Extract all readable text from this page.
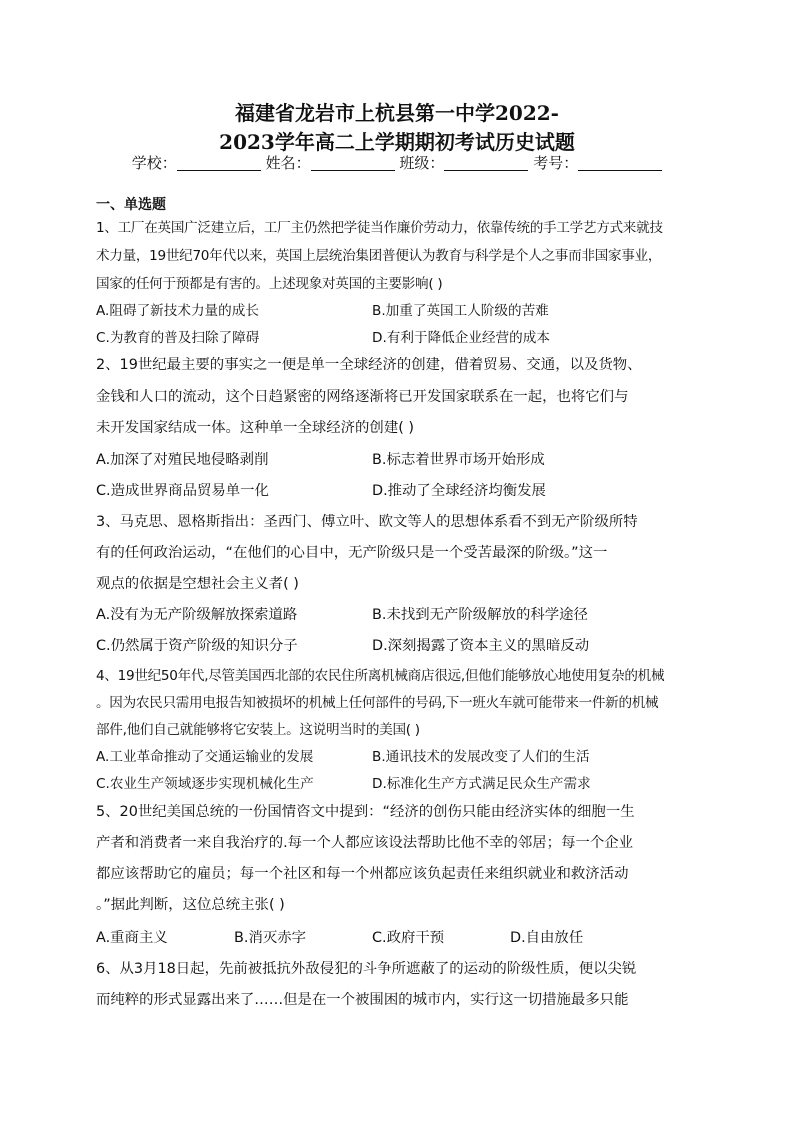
福建省龙岩市上杭县第一中学2022-
2023学年高二上学期期初考试历史试题
学校：	姓名：	班级：	考号：
一、单选题
1、工厂在英国广泛建立后，工厂主仍然把学徒当作廉价劳动力，依靠传统的手工学艺方式来就技
术力量，19世纪70年代以来，英国上层统治集团普便认为教育与科学是个人之事而非国家事业，
国家的任何于预都是有害的。上述现象对英国的主要影响( )
A.阻碍了新技术力量的成长	B.加重了英国工人阶级的苦难
C.为教育的普及扫除了障碍	D.有利于降低企业经营的成本
2、19世纪最主要的事实之一便是单一全球经济的创建，借着贸易、交通，以及货物、
金钱和人口的流动，这个日趋紧密的网络逐渐将已开发国家联系在一起，也将它们与
未开发国家结成一体。这种单一全球经济的创建( )
A.加深了对殖民地侵略剥削	B.标志着世界市场开始形成
C.造成世界商品贸易单一化	D.推动了全球经济均衡发展
3、马克思、恩格斯指出：圣西门、傅立叶、欧文等人的思想体系看不到无产阶级所特
有的任何政治运动，“在他们的心目中，无产阶级只是一个受苦最深的阶级。”这一
观点的依据是空想社会主义者( )
A.没有为无产阶级解放探索道路	B.未找到无产阶级解放的科学途径
C.仍然属于资产阶级的知识分子	D.深刻揭露了资本主义的黑暗反动
4、19世纪50年代,尽管美国西北部的农民住所离机械商店很远,但他们能够放心地使用复杂的机械
。因为农民只需用电报告知被损坏的机械上任何部件的号码,下一班火车就可能带来一件新的机械
部件,他们自己就能够将它安装上。这说明当时的美国( )
A.工业革命推动了交通运输业的发展	B.通讯技术的发展改变了人们的生活
C.农业生产领域逐步实现机械化生产	D.标准化生产方式满足民众生产需求
5、20世纪美国总统的一份国情咨文中提到：“经济的创伤只能由经济实体的细胞一生
产者和消费者一来自我治疗的.每一个人都应该设法帮助比他不幸的邻居；每一个企业
都应该帮助它的雇员；每一个社区和每一个州都应该负起责任来组织就业和救济活动
。”据此判断，这位总统主张( )
A.重商主义	B.消灭赤字	C.政府干预	D.自由放任
6、从3月18日起，先前被抵抗外敌侵犯的斗争所遮蔽了的运动的阶级性质，便以尖锐
而纯粹的形式显露出来了……但是在一个被围困的城市内，实行这一切措施最多只能
